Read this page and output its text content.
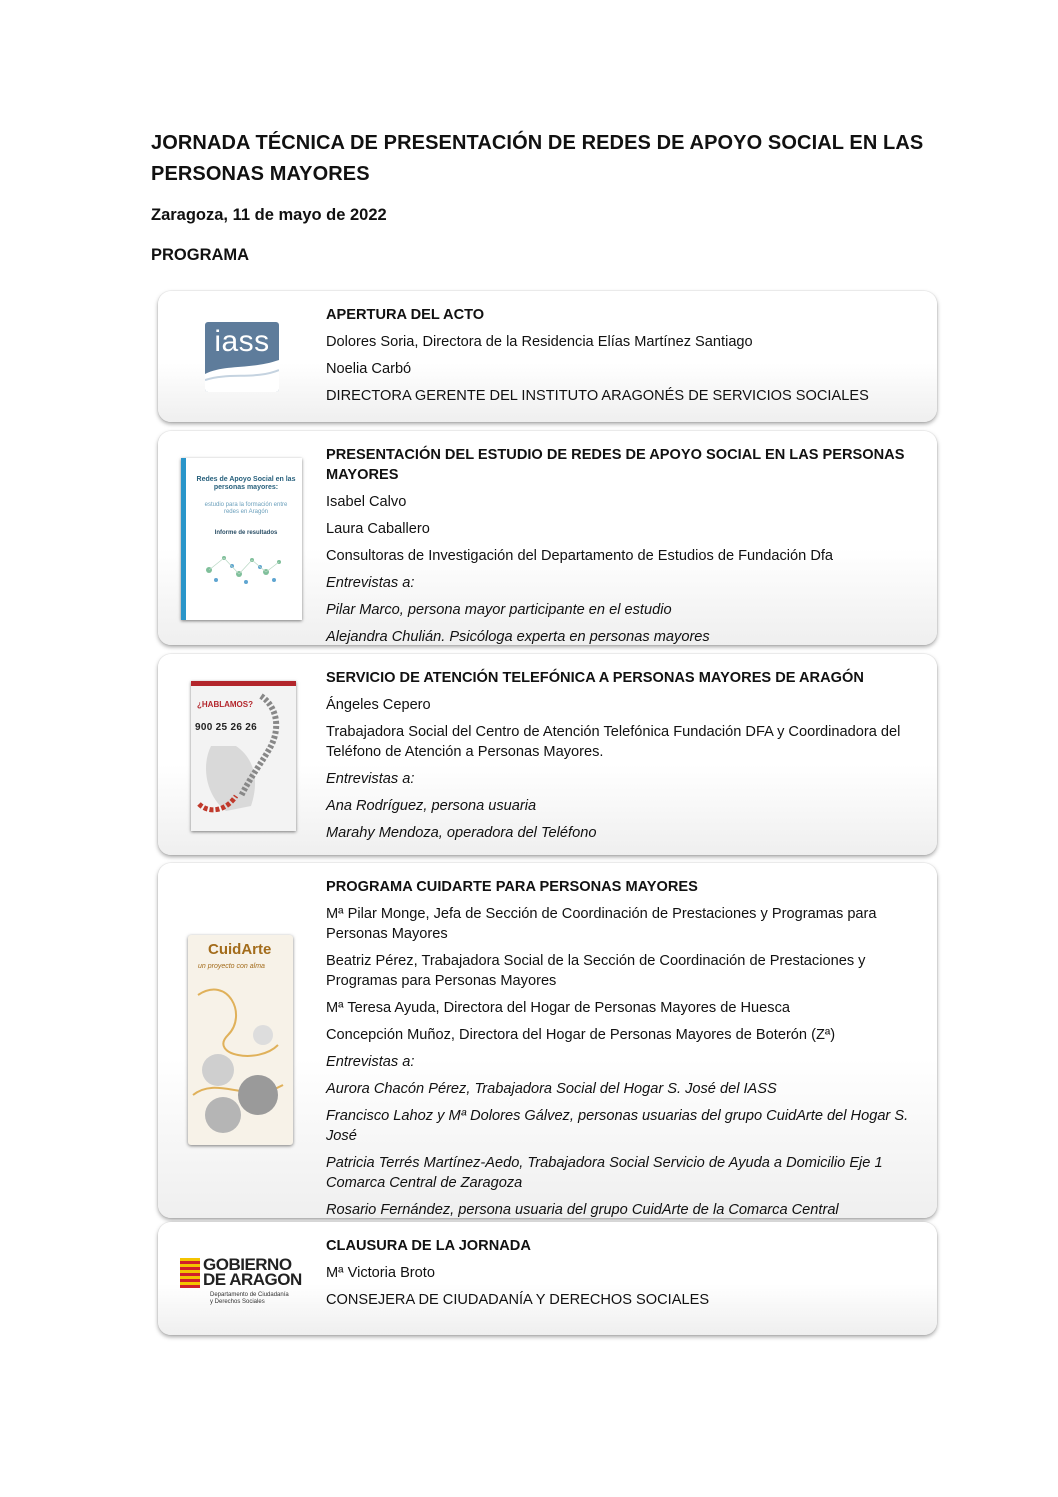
JORNADA TÉCNICA DE PRESENTACIÓN DE REDES DE APOYO SOCIAL EN LAS PERSONAS MAYORES

Zaragoza, 11 de mayo de 2022

PROGRAMA

iass

APERTURA DEL ACTO

Dolores Soria, Directora de la Residencia Elías Martínez Santiago

Noelia Carbó

DIRECTORA GERENTE DEL INSTITUTO ARAGONÉS DE SERVICIOS SOCIALES

Redes de Apoyo Social en las personas mayores:
estudio para la formación entre redes en Aragón
Informe de resultados

PRESENTACIÓN DEL ESTUDIO DE REDES DE APOYO SOCIAL EN LAS PERSONAS MAYORES

Isabel Calvo

Laura Caballero

Consultoras de Investigación del Departamento de Estudios de Fundación Dfa

Entrevistas a:

Pilar Marco, persona mayor participante en el estudio

Alejandra Chulián. Psicóloga experta en personas mayores

¿HABLAMOS?
900 25 26 26

SERVICIO DE ATENCIÓN TELEFÓNICA A PERSONAS MAYORES DE ARAGÓN

Ángeles Cepero

Trabajadora Social del Centro de Atención Telefónica Fundación DFA y Coordinadora del Teléfono de Atención a Personas Mayores.

Entrevistas a:

Ana Rodríguez, persona usuaria

Marahy Mendoza, operadora del Teléfono

CuidArte
un proyecto con alma

PROGRAMA CUIDARTE PARA PERSONAS MAYORES

Mª Pilar Monge, Jefa de Sección de Coordinación de Prestaciones y Programas para Personas Mayores

Beatriz Pérez, Trabajadora Social de la Sección de Coordinación de Prestaciones y Programas para Personas Mayores

Mª Teresa Ayuda, Directora del Hogar de Personas Mayores de Huesca

Concepción Muñoz, Directora del Hogar de Personas Mayores de Boterón (Zª)

Entrevistas a:

Aurora Chacón Pérez, Trabajadora Social del Hogar S. José del IASS

Francisco Lahoz y Mª Dolores Gálvez, personas usuarias del grupo CuidArte del Hogar S. José

Patricia Terrés Martínez-Aedo, Trabajadora Social Servicio de Ayuda a Domicilio Eje 1 Comarca Central de Zaragoza

Rosario Fernández, persona usuaria del grupo CuidArte de la Comarca Central

GOBIERNO
DE ARAGON
Departamento de Ciudadanía
y Derechos Sociales

CLAUSURA DE LA JORNADA

Mª Victoria Broto

CONSEJERA DE CIUDADANÍA Y DERECHOS SOCIALES
